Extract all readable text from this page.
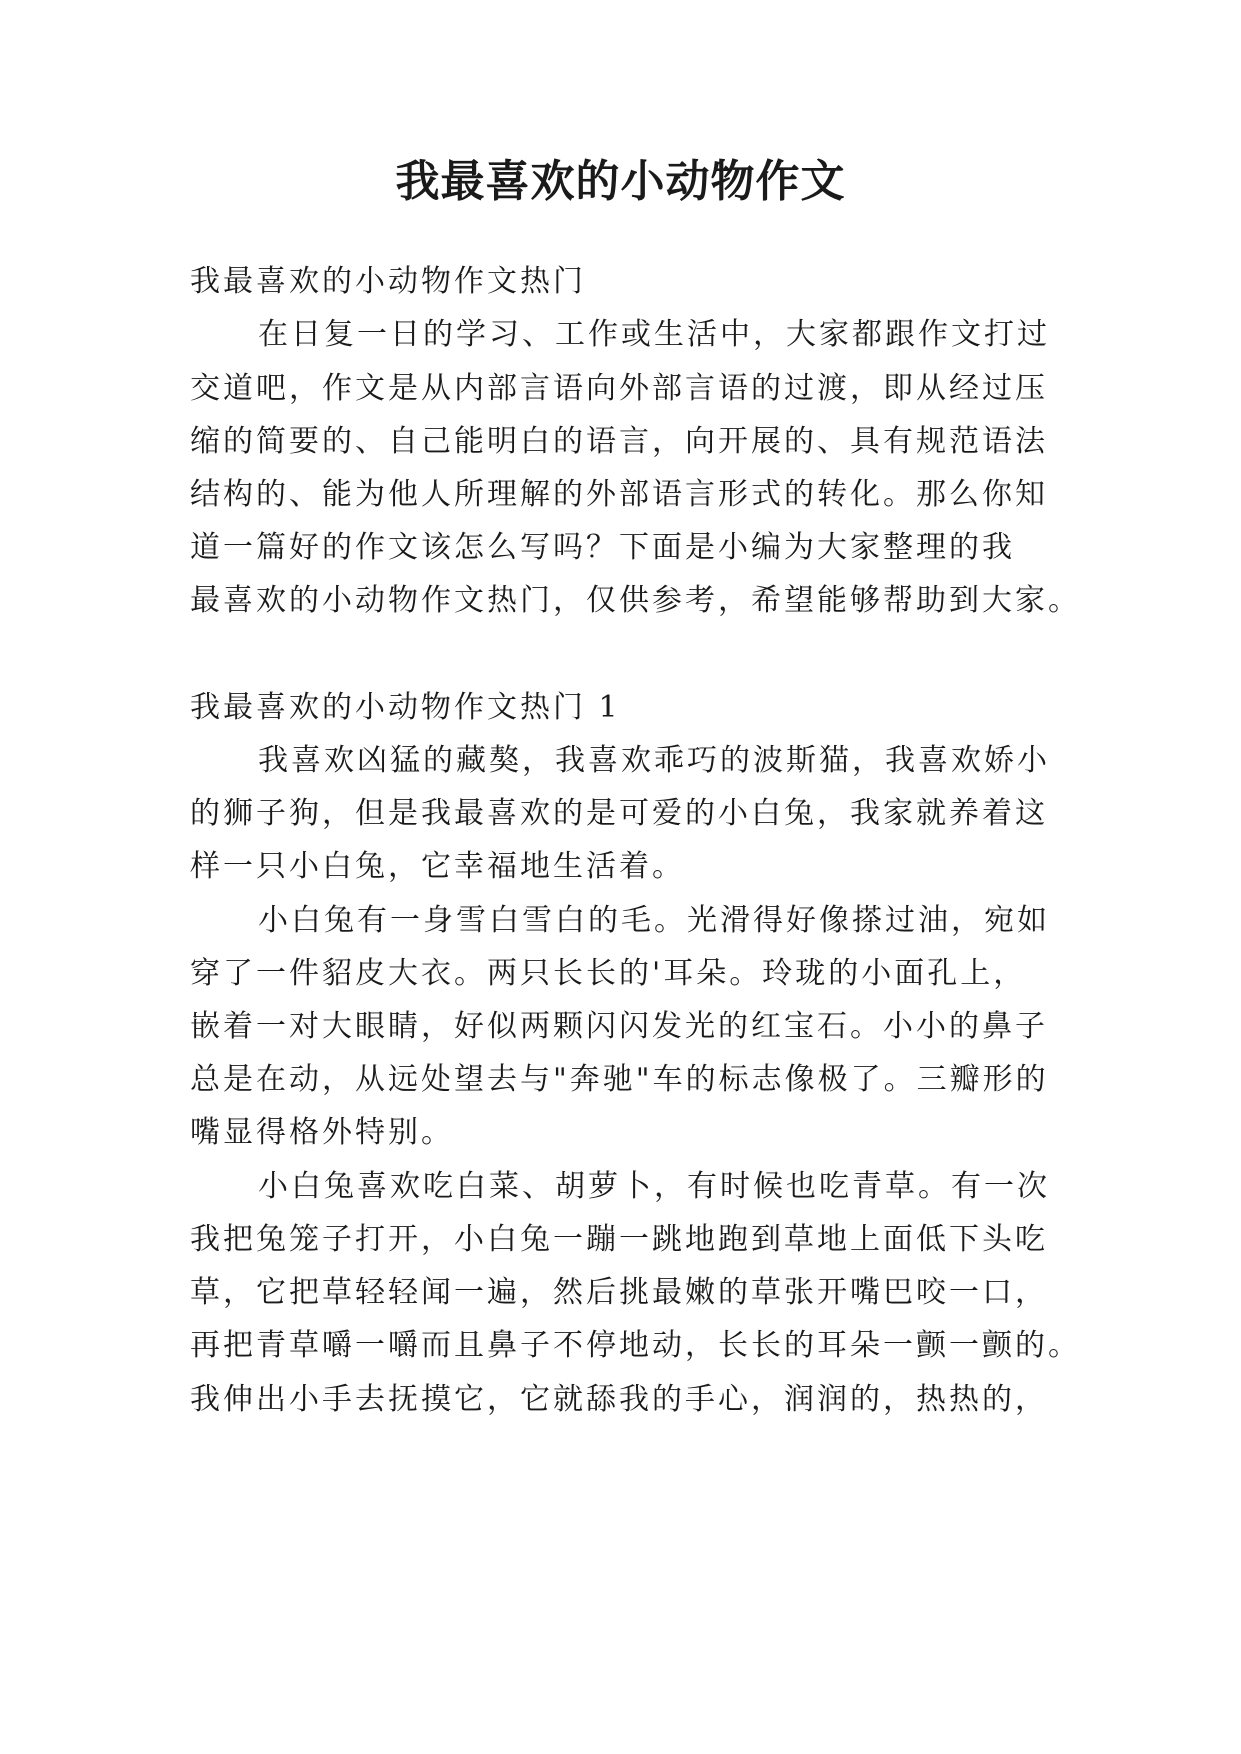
我最喜欢的小动物作文

我最喜欢的小动物作文热门

在日复一日的学习、工作或生活中，大家都跟作文打过

交道吧，作文是从内部言语向外部言语的过渡，即从经过压

缩的简要的、自己能明白的语言，向开展的、具有规范语法

结构的、能为他人所理解的外部语言形式的转化。那么你知

道一篇好的作文该怎么写吗？下面是小编为大家整理的我

最喜欢的小动物作文热门，仅供参考，希望能够帮助到大家。

我最喜欢的小动物作文热门 1

我喜欢凶猛的藏獒，我喜欢乖巧的波斯猫，我喜欢娇小

的狮子狗，但是我最喜欢的是可爱的小白兔，我家就养着这

样一只小白兔，它幸福地生活着。

小白兔有一身雪白雪白的毛。光滑得好像搽过油，宛如

穿了一件貂皮大衣。两只长长的'耳朵。玲珑的小面孔上，

嵌着一对大眼睛，好似两颗闪闪发光的红宝石。小小的鼻子

总是在动，从远处望去与"奔驰"车的标志像极了。三瓣形的

嘴显得格外特别。

小白兔喜欢吃白菜、胡萝卜，有时候也吃青草。有一次

我把兔笼子打开，小白兔一蹦一跳地跑到草地上面低下头吃

草，它把草轻轻闻一遍，然后挑最嫩的草张开嘴巴咬一口，

再把青草嚼一嚼而且鼻子不停地动，长长的耳朵一颤一颤的。

我伸出小手去抚摸它，它就舔我的手心，润润的，热热的，
